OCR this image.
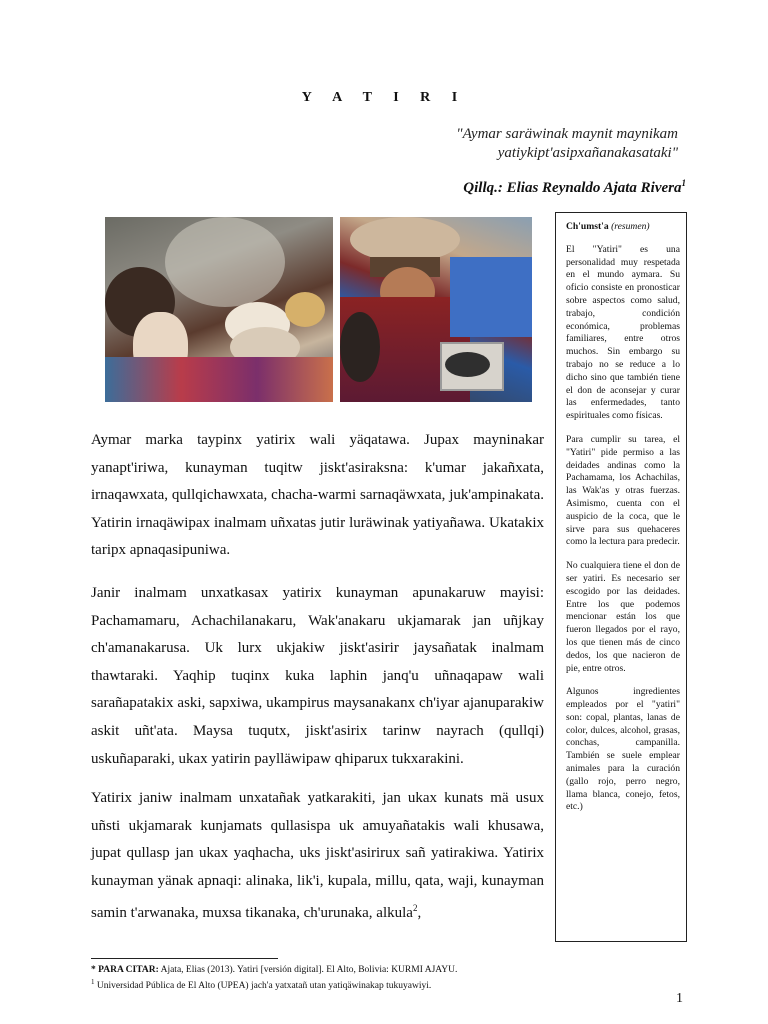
Y A T I R I
"Aymar saräwinak maynit maynikam
yatiykipt'asipxañanakasataki"
Qillq.: Elias Reynaldo Ajata Rivera$^1$
Aymar marka taypinx yatirix wali yäqatawa. Jupax mayninakar yanapt'iriwa, kunayman tuqitw jiskt'asiraksna: k'umar jakañxata, irnaqawxata, qullqichawxata, chacha-warmi sarnaqäwxata, juk'ampinakata. Yatirin irnaqäwipax inalmam uñxatas jutir luräwinak yatiyañawa. Ukatakix taripx apnaqasipuniwa.
Janir inalmam unxatkasax yatirix kunayman apunakaruw mayisi: Pachamamaru, Achachilanakaru, Wak'anakaru ukjamarak jan uñjkay ch'amanakarusa. Uk lurx ukjakiw jiskt'asirir jaysañatak inalmam thawtaraki. Yaqhip tuqinx kuka laphin janq'u uñnaqapaw wali sarañapatakix aski, sapxiwa, ukampirus maysanakanx ch'iyar ajanuparakiw askit uñt'ata. Maysa tuqutx, jiskt'asirix tarinw nayrach (qullqi) uskuñaparaki, ukax yatirin paylläwipaw qhiparux tukxarakini.
Yatirix janiw inalmam unxatañak yatkarakiti, jan ukax kunats mä usux uñsti ukjamarak kunjamats qullasispa uk amuyañatakis wali khusawa, jupat qullasp jan ukax yaqhacha, uks jiskt'asirirux sañ yatirakiwa. Yatirix kunayman yänak apnaqi: alinaka, lik'i, kupala, millu, qata, waji, kunayman samin t'arwanaka, muxsa tikanaka, ch'urunaka, alkula$^2$,

Ch'umst'a (resumen)

El "Yatiri" es una personalidad muy respetada en el mundo aymara. Su oficio consiste en pronosticar sobre aspectos como salud, trabajo, condición económica, problemas familiares, entre otros muchos. Sin embargo su trabajo no se reduce a lo dicho sino que también tiene el don de aconsejar y curar las enfermedades, tanto espirituales como físicas.

Para cumplir su tarea, el "Yatiri" pide permiso a las deidades andinas como la Pachamama, los Achachilas, las Wak'as y otras fuerzas. Asimismo, cuenta con el auspicio de la coca, que le sirve para sus quehaceres como la lectura para predecir.

No cualquiera tiene el don de ser yatiri. Es necesario ser escogido por las deidades. Entre los que podemos mencionar están los que fueron llegados por el rayo, los que tienen más de cinco dedos, los que nacieron de pie, entre otros.

Algunos ingredientes empleados por el "yatiri" son: copal, plantas, lanas de color, dulces, alcohol, grasas, conchas, campanilla. También se suele emplear animales para la curación (gallo rojo, perro negro, llama blanca, conejo, fetos, etc.)

* PARA CITAR: Ajata, Elias (2013). Yatiri [versión digital]. El Alto, Bolivia: KURMI AJAYU.
$^1$ Universidad Pública de El Alto (UPEA) jach'a yatxatañ utan yatiqäwinakap tukuyawiyi.
1
